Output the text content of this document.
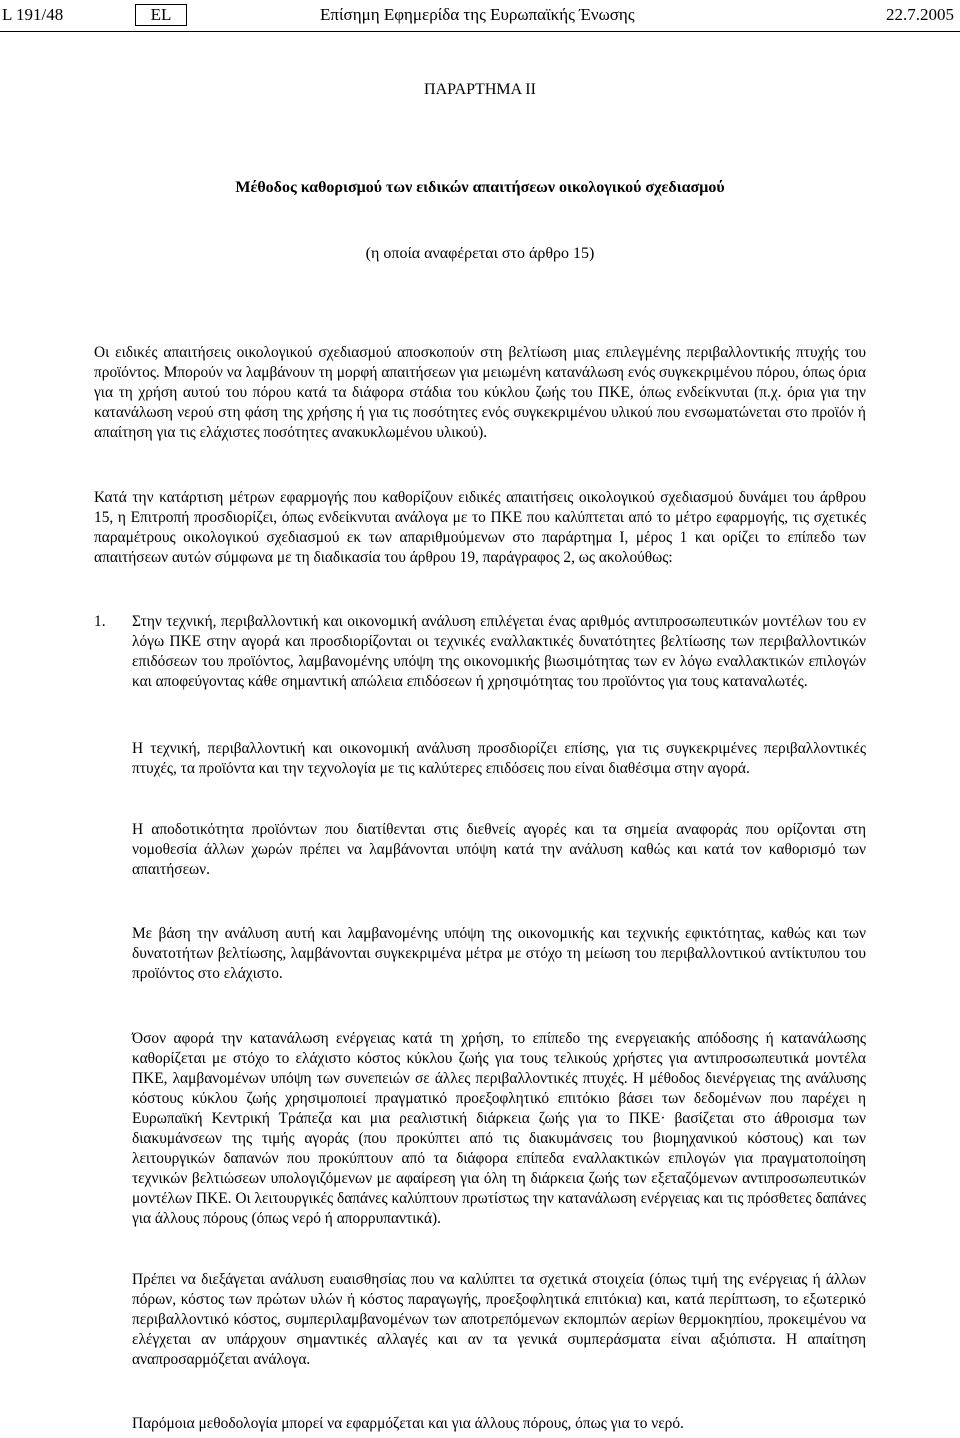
L 191/48	EL	Επίσημη Εφημερίδα της Ευρωπαϊκής Ένωσης	22.7.2005
ΠΑΡΑΡΤΗΜΑ ΙΙ
Μέθοδος καθορισμού των ειδικών απαιτήσεων οικολογικού σχεδιασμού
(η οποία αναφέρεται στο άρθρο 15)

Οι ειδικές απαιτήσεις οικολογικού σχεδιασμού αποσκοπούν στη βελτίωση μιας επιλεγμένης περιβαλλοντικής πτυχής του προϊόντος. Μπορούν να λαμβάνουν τη μορφή απαιτήσεων για μειωμένη κατανάλωση ενός συγκεκριμένου πόρου, όπως όρια για τη χρήση αυτού του πόρου κατά τα διάφορα στάδια του κύκλου ζωής του ΠΚΕ, όπως ενδείκνυται (π.χ. όρια για την κατανάλωση νερού στη φάση της χρήσης ή για τις ποσότητες ενός συγκεκριμένου υλικού που ενσωματώνεται στο προϊόν ή απαίτηση για τις ελάχιστες ποσότητες ανακυκλωμένου υλικού).

Κατά την κατάρτιση μέτρων εφαρμογής που καθορίζουν ειδικές απαιτήσεις οικολογικού σχεδιασμού δυνάμει του άρθρου 15, η Επιτροπή προσδιορίζει, όπως ενδείκνυται ανάλογα με το ΠΚΕ που καλύπτεται από το μέτρο εφαρμογής, τις σχετικές παραμέτρους οικολογικού σχεδιασμού εκ των απαριθμούμενων στο παράρτημα Ι, μέρος 1 και ορίζει το επίπεδο των απαιτήσεων αυτών σύμφωνα με τη διαδικασία του άρθρου 19, παράγραφος 2, ως ακολούθως:

1. Στην τεχνική, περιβαλλοντική και οικονομική ανάλυση επιλέγεται ένας αριθμός αντιπροσωπευτικών μοντέλων του εν λόγω ΠΚΕ στην αγορά και προσδιορίζονται οι τεχνικές εναλλακτικές δυνατότητες βελτίωσης των περιβαλλοντικών επιδόσεων του προϊόντος, λαμβανομένης υπόψη της οικονομικής βιωσιμότητας των εν λόγω εναλλακτικών επιλογών και αποφεύγοντας κάθε σημαντική απώλεια επιδόσεων ή χρησιμότητας του προϊόντος για τους καταναλωτές.

Η τεχνική, περιβαλλοντική και οικονομική ανάλυση προσδιορίζει επίσης, για τις συγκεκριμένες περιβαλλοντικές πτυχές, τα προϊόντα και την τεχνολογία με τις καλύτερες επιδόσεις που είναι διαθέσιμα στην αγορά.

Η αποδοτικότητα προϊόντων που διατίθενται στις διεθνείς αγορές και τα σημεία αναφοράς που ορίζονται στη νομοθεσία άλλων χωρών πρέπει να λαμβάνονται υπόψη κατά την ανάλυση καθώς και κατά τον καθορισμό των απαιτήσεων.

Με βάση την ανάλυση αυτή και λαμβανομένης υπόψη της οικονομικής και τεχνικής εφικτότητας, καθώς και των δυνατοτήτων βελτίωσης, λαμβάνονται συγκεκριμένα μέτρα με στόχο τη μείωση του περιβαλλοντικού αντίκτυπου του προϊόντος στο ελάχιστο.

Όσον αφορά την κατανάλωση ενέργειας κατά τη χρήση, το επίπεδο της ενεργειακής απόδοσης ή κατανάλωσης καθορίζεται με στόχο το ελάχιστο κόστος κύκλου ζωής για τους τελικούς χρήστες για αντιπροσωπευτικά μοντέλα ΠΚΕ, λαμβανομένων υπόψη των συνεπειών σε άλλες περιβαλλοντικές πτυχές. Η μέθοδος διενέργειας της ανάλυσης κόστους κύκλου ζωής χρησιμοποιεί πραγματικό προεξοφλητικό επιτόκιο βάσει των δεδομένων που παρέχει η Ευρωπαϊκή Κεντρική Τράπεζα και μια ρεαλιστική διάρκεια ζωής για το ΠΚΕ· βασίζεται στο άθροισμα των διακυμάνσεων της τιμής αγοράς (που προκύπτει από τις διακυμάνσεις του βιομηχανικού κόστους) και των λειτουργικών δαπανών που προκύπτουν από τα διάφορα επίπεδα εναλλακτικών επιλογών για πραγματοποίηση τεχνικών βελτιώσεων υπολογιζόμενων με αφαίρεση για όλη τη διάρκεια ζωής των εξεταζόμενων αντιπροσωπευτικών μοντέλων ΠΚΕ. Οι λειτουργικές δαπάνες καλύπτουν πρωτίστως την κατανάλωση ενέργειας και τις πρόσθετες δαπάνες για άλλους πόρους (όπως νερό ή απορρυπαντικά).

Πρέπει να διεξάγεται ανάλυση ευαισθησίας που να καλύπτει τα σχετικά στοιχεία (όπως τιμή της ενέργειας ή άλλων πόρων, κόστος των πρώτων υλών ή κόστος παραγωγής, προεξοφλητικά επιτόκια) και, κατά περίπτωση, το εξωτερικό περιβαλλοντικό κόστος, συμπεριλαμβανομένων των αποτρεπόμενων εκπομπών αερίων θερμοκηπίου, προκειμένου να ελέγχεται αν υπάρχουν σημαντικές αλλαγές και αν τα γενικά συμπεράσματα είναι αξιόπιστα. Η απαίτηση αναπροσαρμόζεται ανάλογα.

Παρόμοια μεθοδολογία μπορεί να εφαρμόζεται και για άλλους πόρους, όπως για το νερό.
